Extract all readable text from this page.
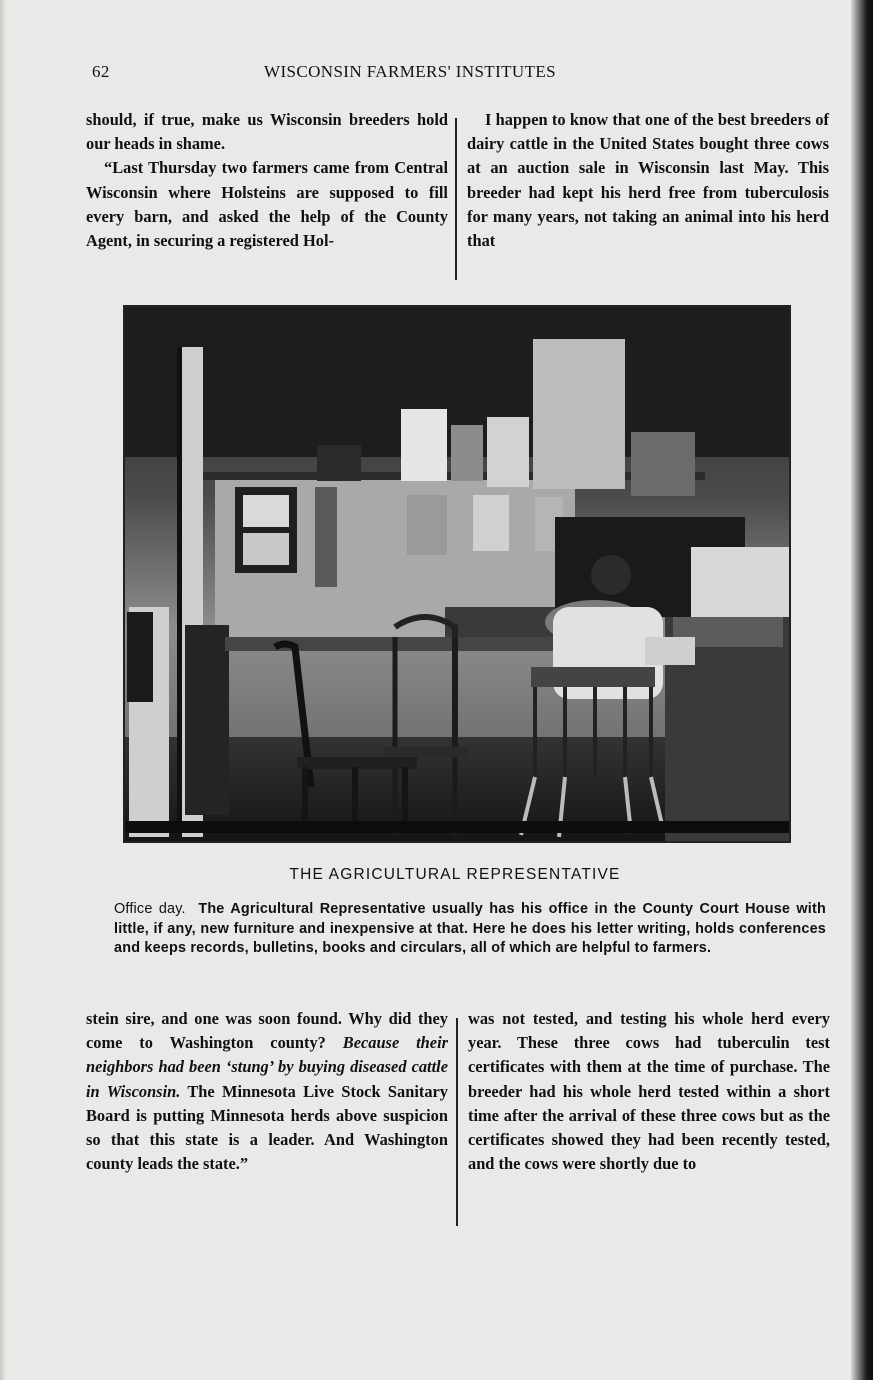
62	WISCONSIN FARMERS' INSTITUTES

should, if true, make us Wisconsin breeders hold our heads in shame.

“Last Thursday two farmers came from Central Wisconsin where Holsteins are supposed to fill every barn, and asked the help of the County Agent, in securing a registered Hol-

I happen to know that one of the best breeders of dairy cattle in the United States bought three cows at an auction sale in Wisconsin last May. This breeder had kept his herd free from tuberculosis for many years, not taking an animal into his herd that

THE AGRICULTURAL REPRESENTATIVE
Office day. The Agricultural Representative usually has his office in the County Court House with little, if any, new furniture and inexpensive at that. Here he does his letter writing, holds conferences and keeps records, bulletins, books and circulars, all of which are helpful to farmers.

stein sire, and one was soon found. Why did they come to Washington county? Because their neighbors had been ‘stung’ by buying diseased cattle in Wisconsin. The Minnesota Live Stock Sanitary Board is putting Minnesota herds above suspicion so that this state is a leader. And Washington county leads the state.”

was not tested, and testing his whole herd every year. These three cows had tuberculin test certificates with them at the time of purchase. The breeder had his whole herd tested within a short time after the arrival of these three cows but as the certificates showed they had been recently tested, and the cows were shortly due to
